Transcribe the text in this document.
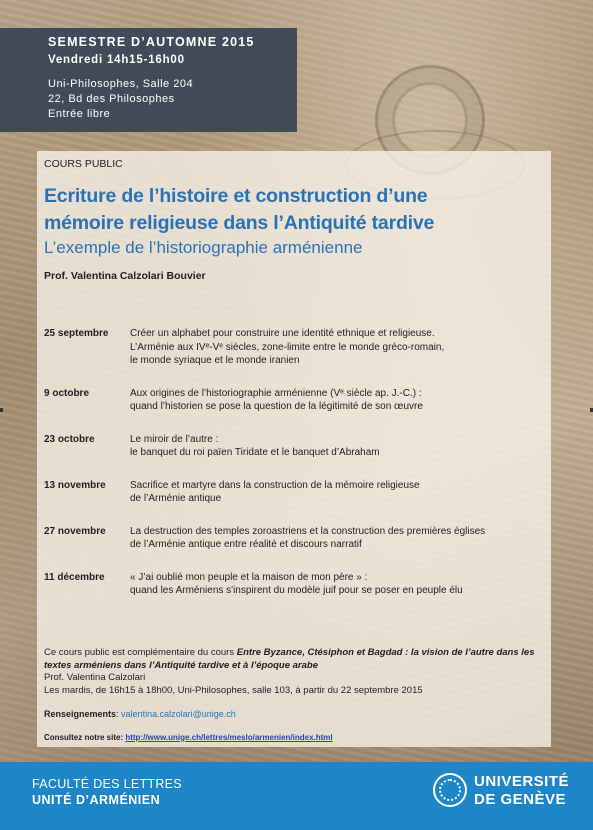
SEMESTRE D’AUTOMNE 2015
Vendredi 14h15-16h00
Uni-Philosophes, Salle 204
22, Bd des Philosophes
Entrée libre
COURS PUBLIC
Ecriture de l’histoire et construction d’une
mémoire religieuse dans l’Antiquité tardive
L’exemple de l’historiographie arménienne
Prof. Valentina Calzolari Bouvier
25 septembre	Créer un alphabet pour construire une identité ethnique et religieuse.
L’Arménie aux IVᵉ-Vᵉ siècles, zone-limite entre le monde gréco-romain,
le monde syriaque et le monde iranien
9 octobre	Aux origines de l’historiographie arménienne (Vᵉ siècle ap. J.-C.) :
quand l’historien se pose la question de la légitimité de son œuvre
23 octobre	Le miroir de l’autre :
le banquet du roi païen Tiridate et le banquet d’Abraham
13 novembre	Sacrifice et martyre dans la construction de la mémoire religieuse
de l’Arménie antique
27 novembre	La destruction des temples zoroastriens et la construction des premières églises
de l’Arménie antique entre réalité et discours narratif
11 décembre	« J’ai oublié mon peuple et la maison de mon père » :
quand les Arméniens s'inspirent du modèle juif pour se poser en peuple élu
Ce cours public est complémentaire du cours Entre Byzance, Ctésiphon et Bagdad : la vision de l’autre dans les
textes arméniens dans l’Antiquité tardive et à l’époque arabe
Prof. Valentina Calzolari
Les mardis, de 16h15 à 18h00, Uni-Philosophes, salle 103, à partir du 22 septembre 2015
Renseignements: valentina.calzolari@unige.ch
Consultez notre site: http://www.unige.ch/lettres/meslo/armenien/index.html
FACULTÉ DES LETTRES
UNITÉ D’ARMÉNIEN
UNIVERSITÉ
DE GENÈVE
